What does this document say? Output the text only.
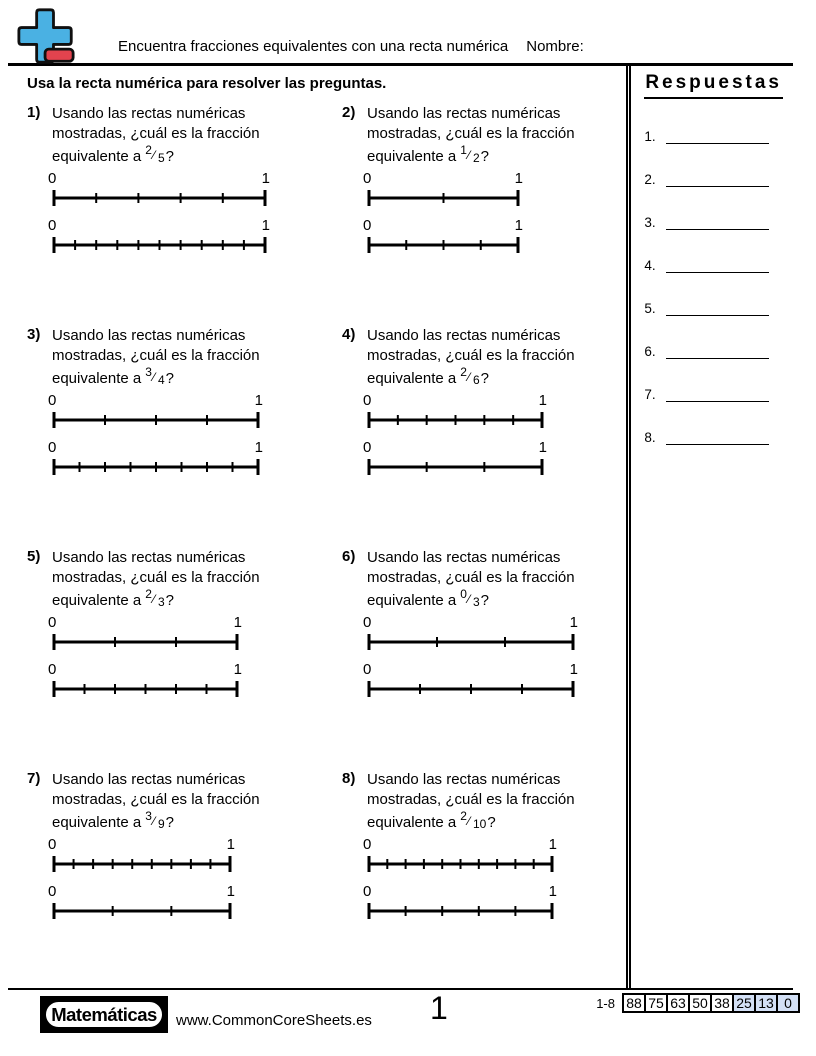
Encuentra fracciones equivalentes con una recta numérica Nombre:
Usa la recta numérica para resolver las preguntas.
1) Usando las rectas numéricas
mostradas, ¿cuál es la fracción
equivalente a $^2$⁄ 5?
0	1
0	1
2) Usando las rectas numéricas
mostradas, ¿cuál es la fracción
equivalente a $^1$⁄ 2?
0	1
0	1
3) Usando las rectas numéricas
mostradas, ¿cuál es la fracción
equivalente a $^3$⁄ 4?
0	1
0	1
4) Usando las rectas numéricas
mostradas, ¿cuál es la fracción
equivalente a $^2$⁄ 6?
0	1
0	1
5) Usando las rectas numéricas
mostradas, ¿cuál es la fracción
equivalente a $^2$⁄ 3?
0	1
0	1
6) Usando las rectas numéricas
mostradas, ¿cuál es la fracción
equivalente a $^0$⁄ 3?
0	1
0	1
7) Usando las rectas numéricas
mostradas, ¿cuál es la fracción
equivalente a $^3$⁄ 9?
0	1
0	1
8) Usando las rectas numéricas
mostradas, ¿cuál es la fracción
equivalente a $^2$⁄ 10?
0	1
0	1
Respuestas
1.
2.
3.
4.
5.
6.
7.
8.
Matemáticas	www.CommonCoreSheets.es 1	1-8 88 75 63 50 38 25 13 0
